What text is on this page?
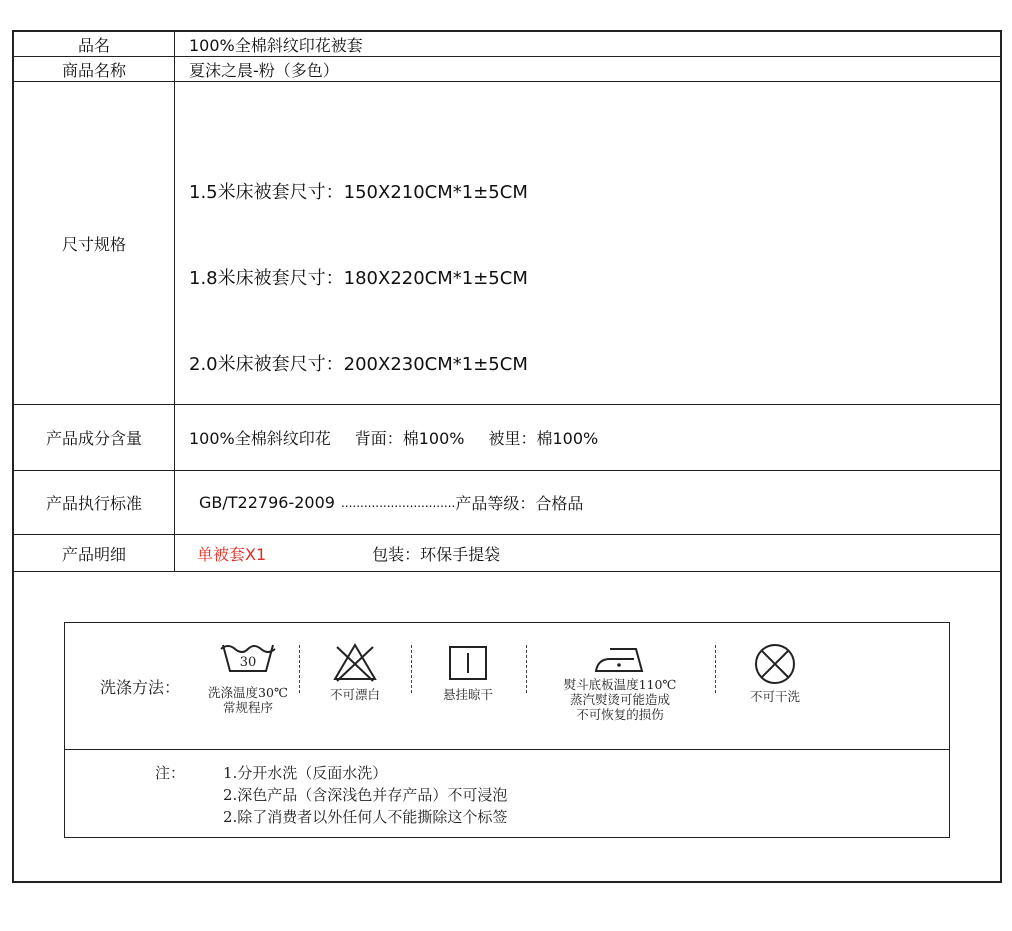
品名	100%全棉斜纹印花被套
商品名称	夏沫之晨-粉（多色）
尺寸规格
1.5米床被套尺寸：150X210CM*1±5CM
1.8米床被套尺寸：180X220CM*1±5CM
2.0米床被套尺寸：200X230CM*1±5CM
产品成分含量	100%全棉斜纹印花 背面：棉100% 被里：棉100%
产品执行标准	GB/T22796-2009 .............................. 产品等级：合格品
产品明细	单被套X1	包装：环保手提袋
洗涤方法：
30
洗涤温度30℃
常规程序
不可漂白	悬挂晾干
熨斗底板温度110℃
蒸汽熨烫可能造成
不可恢复的损伤
不可干洗
注：	1.分开水洗（反面水洗）
2.深色产品（含深浅色并存产品）不可浸泡
2.除了消费者以外任何人不能撕除这个标签
